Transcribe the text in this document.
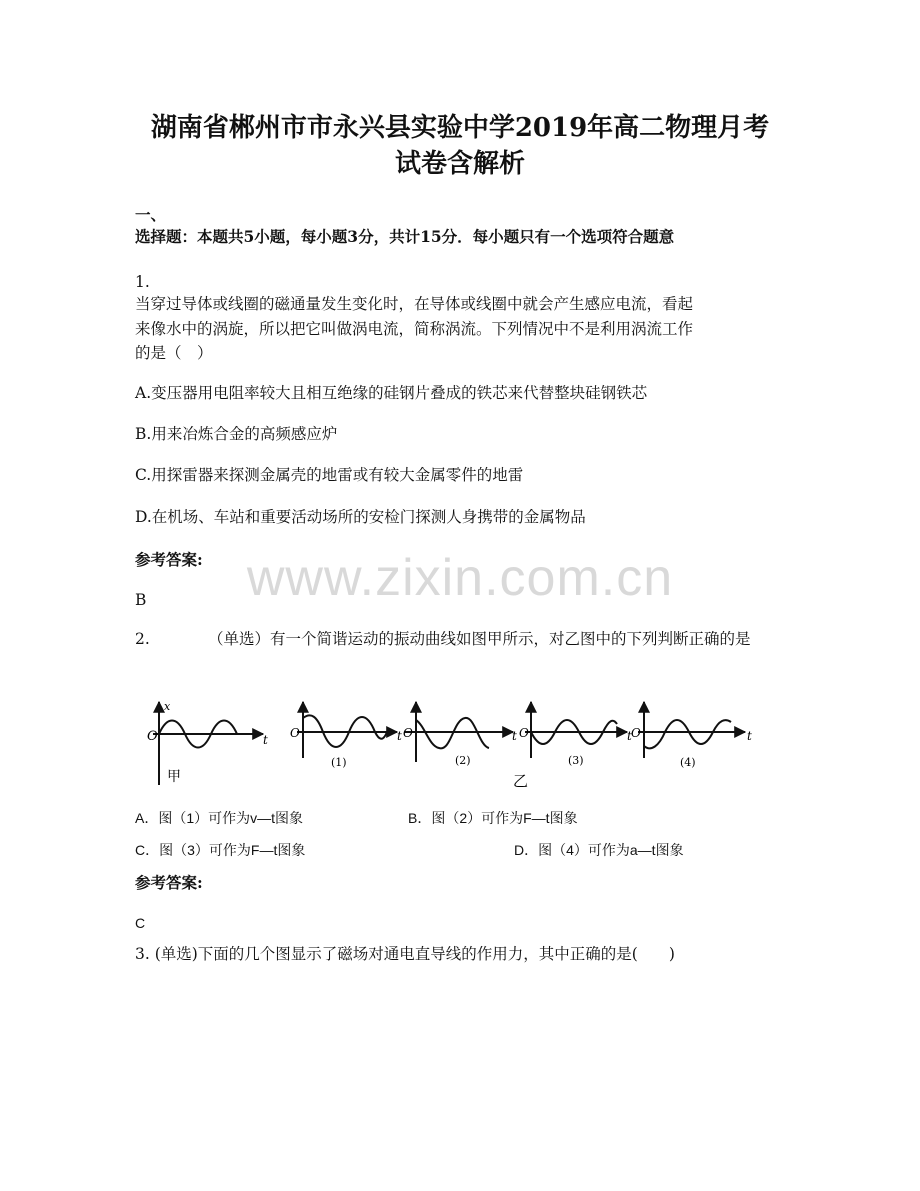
湖南省郴州市市永兴县实验中学2019年高二物理月考
试卷含解析
www.zixin.com.cn
一、
选择题：本题共5小题，每小题3分，共计15分．每小题只有一个选项符合题意
1.
当穿过导体或线圈的磁通量发生变化时，在导体或线圈中就会产生感应电流，看起
来像水中的涡旋，所以把它叫做涡电流，简称涡流。下列情况中不是利用涡流工作
的是（　）
A.变压器用电阻率较大且相互绝缘的硅钢片叠成的铁芯来代替整块硅钢铁芯
B.用来冶炼合金的高频感应炉
C.用探雷器来探测金属壳的地雷或有较大金属零件的地雷
D.在机场、车站和重要活动场所的安检门探测人身携带的金属物品
参考答案:
B
2.	（单选）有一个简谐运动的振动曲线如图甲所示，对乙图中的下列判断正确的是
O
x
t
甲
O	t
(1)
O	t
(2)
O	t
(3)
O	t
(4)
乙
A．图（1）可作为v—t图象	B．图（2）可作为F—t图象
C．图（3）可作为F—t图象	D．图（4）可作为a—t图象
参考答案:
C
3. (单选)下面的几个图显示了磁场对通电直导线的作用力，其中正确的是(　　)
